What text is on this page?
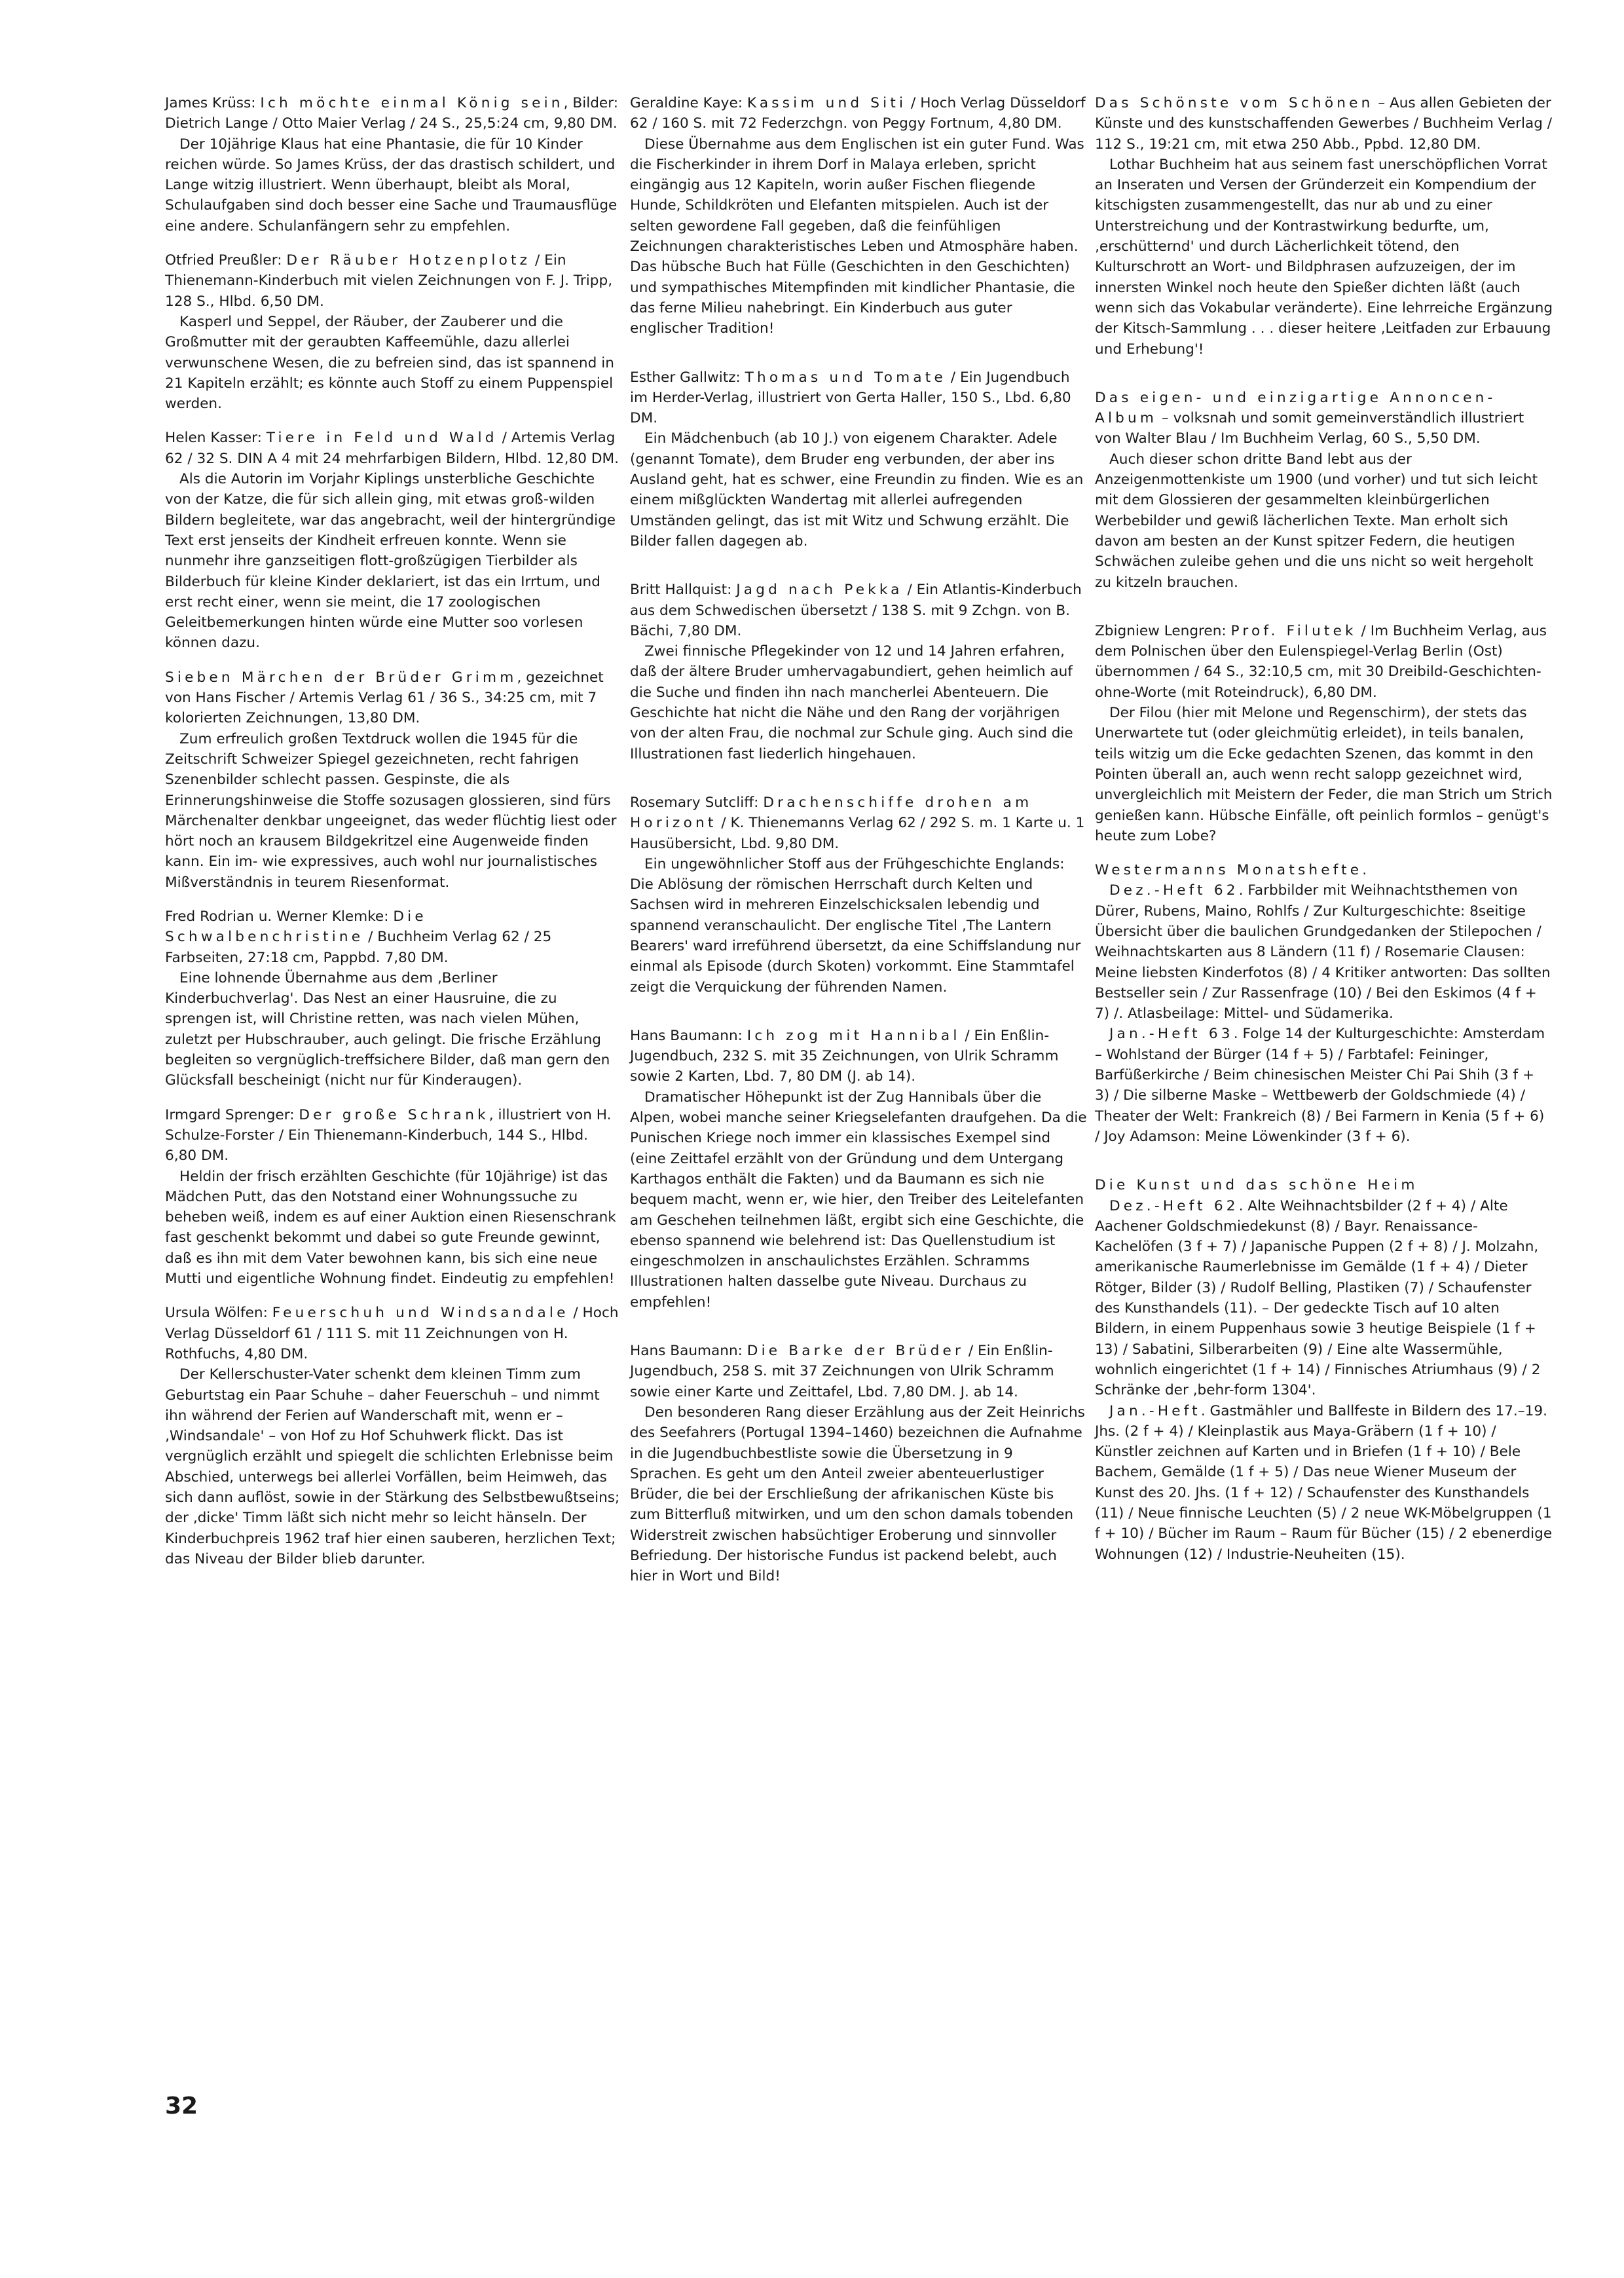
James Krüss: Ich möchte einmal König sein, Bilder: Dietrich Lange / Otto Maier Verlag / 24 S., 25,5:24 cm, 9,80 DM.

Der 10jährige Klaus hat eine Phantasie, die für 10 Kinder reichen würde. So James Krüss, der das drastisch schildert, und Lange witzig illustriert. Wenn überhaupt, bleibt als Moral, Schulaufgaben sind doch besser eine Sache und Traumausflüge eine andere. Schulanfängern sehr zu empfehlen.

Otfried Preußler: Der Räuber Hotzenplotz / Ein Thienemann-Kinderbuch mit vielen Zeichnungen von F. J. Tripp, 128 S., Hlbd. 6,50 DM.

Kasperl und Seppel, der Räuber, der Zauberer und die Großmutter mit der geraubten Kaffeemühle, dazu allerlei verwunschene Wesen, die zu befreien sind, das ist spannend in 21 Kapiteln erzählt; es könnte auch Stoff zu einem Puppenspiel werden.

Helen Kasser: Tiere in Feld und Wald / Artemis Verlag 62 / 32 S. DIN A 4 mit 24 mehrfarbigen Bildern, Hlbd. 12,80 DM.

Als die Autorin im Vorjahr Kiplings unsterbliche Geschichte von der Katze, die für sich allein ging, mit etwas groß-wilden Bildern begleitete, war das angebracht, weil der hintergründige Text erst jenseits der Kindheit erfreuen konnte. Wenn sie nunmehr ihre ganzseitigen flott-großzügigen Tierbilder als Bilderbuch für kleine Kinder deklariert, ist das ein Irrtum, und erst recht einer, wenn sie meint, die 17 zoologischen Geleitbemerkungen hinten würde eine Mutter soo vorlesen können dazu.

Sieben Märchen der Brüder Grimm, gezeichnet von Hans Fischer / Artemis Verlag 61 / 36 S., 34:25 cm, mit 7 kolorierten Zeichnungen, 13,80 DM.

Zum erfreulich großen Textdruck wollen die 1945 für die Zeitschrift Schweizer Spiegel gezeichneten, recht fahrigen Szenenbilder schlecht passen. Gespinste, die als Erinnerungshinweise die Stoffe sozusagen glossieren, sind fürs Märchenalter denkbar ungeeignet, das weder flüchtig liest oder hört noch an krausem Bildgekritzel eine Augenweide finden kann. Ein im- wie expressives, auch wohl nur journalistisches Mißverständnis in teurem Riesenformat.

Fred Rodrian u. Werner Klemke: Die Schwalbenchristine / Buchheim Verlag 62 / 25 Farbseiten, 27:18 cm, Pappbd. 7,80 DM.

Eine lohnende Übernahme aus dem ‚Berliner Kinderbuchverlag'. Das Nest an einer Hausruine, die zu sprengen ist, will Christine retten, was nach vielen Mühen, zuletzt per Hubschrauber, auch gelingt. Die frische Erzählung begleiten so vergnüglich-treffsichere Bilder, daß man gern den Glücksfall bescheinigt (nicht nur für Kinderaugen).

Irmgard Sprenger: Der große Schrank, illustriert von H. Schulze-Forster / Ein Thienemann-Kinderbuch, 144 S., Hlbd. 6,80 DM.

Heldin der frisch erzählten Geschichte (für 10jährige) ist das Mädchen Putt, das den Notstand einer Wohnungssuche zu beheben weiß, indem es auf einer Auktion einen Riesenschrank fast geschenkt bekommt und dabei so gute Freunde gewinnt, daß es ihn mit dem Vater bewohnen kann, bis sich eine neue Mutti und eigentliche Wohnung findet. Eindeutig zu empfehlen!

Ursula Wölfen: Feuerschuh und Windsandale / Hoch Verlag Düsseldorf 61 / 111 S. mit 11 Zeichnungen von H. Rothfuchs, 4,80 DM.

Der Kellerschuster-Vater schenkt dem kleinen Timm zum Geburtstag ein Paar Schuhe – daher Feuerschuh – und nimmt ihn während der Ferien auf Wanderschaft mit, wenn er – ‚Windsandale' – von Hof zu Hof Schuhwerk flickt. Das ist vergnüglich erzählt und spiegelt die schlichten Erlebnisse beim Abschied, unterwegs bei allerlei Vorfällen, beim Heimweh, das sich dann auflöst, sowie in der Stärkung des Selbstbewußtseins; der ‚dicke' Timm läßt sich nicht mehr so leicht hänseln. Der Kinderbuchpreis 1962 traf hier einen sauberen, herzlichen Text; das Niveau der Bilder blieb darunter.

Geraldine Kaye: Kassim und Siti / Hoch Verlag Düsseldorf 62 / 160 S. mit 72 Federzchgn. von Peggy Fortnum, 4,80 DM.

Diese Übernahme aus dem Englischen ist ein guter Fund. Was die Fischerkinder in ihrem Dorf in Malaya erleben, spricht eingängig aus 12 Kapiteln, worin außer Fischen fliegende Hunde, Schildkröten und Elefanten mitspielen. Auch ist der selten gewordene Fall gegeben, daß die feinfühligen Zeichnungen charakteristisches Leben und Atmosphäre haben. Das hübsche Buch hat Fülle (Geschichten in den Geschichten) und sympathisches Mitempfinden mit kindlicher Phantasie, die das ferne Milieu nahebringt. Ein Kinderbuch aus guter englischer Tradition!

Esther Gallwitz: Thomas und Tomate / Ein Jugendbuch im Herder-Verlag, illustriert von Gerta Haller, 150 S., Lbd. 6,80 DM.

Ein Mädchenbuch (ab 10 J.) von eigenem Charakter. Adele (genannt Tomate), dem Bruder eng verbunden, der aber ins Ausland geht, hat es schwer, eine Freundin zu finden. Wie es an einem mißglückten Wandertag mit allerlei aufregenden Umständen gelingt, das ist mit Witz und Schwung erzählt. Die Bilder fallen dagegen ab.

Britt Hallquist: Jagd nach Pekka / Ein Atlantis-Kinderbuch aus dem Schwedischen übersetzt / 138 S. mit 9 Zchgn. von B. Bächi, 7,80 DM.

Zwei finnische Pflegekinder von 12 und 14 Jahren erfahren, daß der ältere Bruder umhervagabundiert, gehen heimlich auf die Suche und finden ihn nach mancherlei Abenteuern. Die Geschichte hat nicht die Nähe und den Rang der vorjährigen von der alten Frau, die nochmal zur Schule ging. Auch sind die Illustrationen fast liederlich hingehauen.

Rosemary Sutcliff: Drachenschiffe drohen am Horizont / K. Thienemanns Verlag 62 / 292 S. m. 1 Karte u. 1 Hausübersicht, Lbd. 9,80 DM.

Ein ungewöhnlicher Stoff aus der Frühgeschichte Englands: Die Ablösung der römischen Herrschaft durch Kelten und Sachsen wird in mehreren Einzelschicksalen lebendig und spannend veranschaulicht. Der englische Titel ‚The Lantern Bearers' ward irreführend übersetzt, da eine Schiffslandung nur einmal als Episode (durch Skoten) vorkommt. Eine Stammtafel zeigt die Verquickung der führenden Namen.

Hans Baumann: Ich zog mit Hannibal / Ein Enßlin-Jugendbuch, 232 S. mit 35 Zeichnungen, von Ulrik Schramm sowie 2 Karten, Lbd. 7, 80 DM (J. ab 14).

Dramatischer Höhepunkt ist der Zug Hannibals über die Alpen, wobei manche seiner Kriegselefanten draufgehen. Da die Punischen Kriege noch immer ein klassisches Exempel sind (eine Zeittafel erzählt von der Gründung und dem Untergang Karthagos enthält die Fakten) und da Baumann es sich nie bequem macht, wenn er, wie hier, den Treiber des Leitelefanten am Geschehen teilnehmen läßt, ergibt sich eine Geschichte, die ebenso spannend wie belehrend ist: Das Quellenstudium ist eingeschmolzen in anschaulichstes Erzählen. Schramms Illustrationen halten dasselbe gute Niveau. Durchaus zu empfehlen!

Hans Baumann: Die Barke der Brüder / Ein Enßlin-Jugendbuch, 258 S. mit 37 Zeichnungen von Ulrik Schramm sowie einer Karte und Zeittafel, Lbd. 7,80 DM. J. ab 14.

Den besonderen Rang dieser Erzählung aus der Zeit Heinrichs des Seefahrers (Portugal 1394–1460) bezeichnen die Aufnahme in die Jugendbuchbestliste sowie die Übersetzung in 9 Sprachen. Es geht um den Anteil zweier abenteuerlustiger Brüder, die bei der Erschließung der afrikanischen Küste bis zum Bitterfluß mitwirken, und um den schon damals tobenden Widerstreit zwischen habsüchtiger Eroberung und sinnvoller Befriedung. Der historische Fundus ist packend belebt, auch hier in Wort und Bild!

Das Schönste vom Schönen – Aus allen Gebieten der Künste und des kunstschaffenden Gewerbes / Buchheim Verlag / 112 S., 19:21 cm, mit etwa 250 Abb., Ppbd. 12,80 DM.

Lothar Buchheim hat aus seinem fast unerschöpflichen Vorrat an Inseraten und Versen der Gründerzeit ein Kompendium der kitschigsten zusammengestellt, das nur ab und zu einer Unterstreichung und der Kontrastwirkung bedurfte, um, ‚erschütternd' und durch Lächerlichkeit tötend, den Kulturschrott an Wort- und Bildphrasen aufzuzeigen, der im innersten Winkel noch heute den Spießer dichten läßt (auch wenn sich das Vokabular veränderte). Eine lehrreiche Ergänzung der Kitsch-Sammlung . . . dieser heitere ‚Leitfaden zur Erbauung und Erhebung'!

Das eigen- und einzigartige Annoncen-Album – volksnah und somit gemeinverständlich illustriert von Walter Blau / Im Buchheim Verlag, 60 S., 5,50 DM.

Auch dieser schon dritte Band lebt aus der Anzeigenmottenkiste um 1900 (und vorher) und tut sich leicht mit dem Glossieren der gesammelten kleinbürgerlichen Werbebilder und gewiß lächerlichen Texte. Man erholt sich davon am besten an der Kunst spitzer Federn, die heutigen Schwächen zuleibe gehen und die uns nicht so weit hergeholt zu kitzeln brauchen.

Zbigniew Lengren: Prof. Filutek / Im Buchheim Verlag, aus dem Polnischen über den Eulenspiegel-Verlag Berlin (Ost) übernommen / 64 S., 32:10,5 cm, mit 30 Dreibild-Geschichten-ohne-Worte (mit Roteindruck), 6,80 DM.

Der Filou (hier mit Melone und Regenschirm), der stets das Unerwartete tut (oder gleichmütig erleidet), in teils banalen, teils witzig um die Ecke gedachten Szenen, das kommt in den Pointen überall an, auch wenn recht salopp gezeichnet wird, unvergleichlich mit Meistern der Feder, die man Strich um Strich genießen kann. Hübsche Einfälle, oft peinlich formlos – genügt's heute zum Lobe?

Westermanns Monatshefte.

Dez.-Heft 62. Farbbilder mit Weihnachtsthemen von Dürer, Rubens, Maino, Rohlfs / Zur Kulturgeschichte: 8seitige Übersicht über die baulichen Grundgedanken der Stilepochen / Weihnachtskarten aus 8 Ländern (11 f) / Rosemarie Clausen: Meine liebsten Kinderfotos (8) / 4 Kritiker antworten: Das sollten Bestseller sein / Zur Rassenfrage (10) / Bei den Eskimos (4 f + 7) /. Atlasbeilage: Mittel- und Südamerika.

Jan.-Heft 63. Folge 14 der Kulturgeschichte: Amsterdam – Wohlstand der Bürger (14 f + 5) / Farbtafel: Feininger, Barfüßerkirche / Beim chinesischen Meister Chi Pai Shih (3 f + 3) / Die silberne Maske – Wettbewerb der Goldschmiede (4) / Theater der Welt: Frankreich (8) / Bei Farmern in Kenia (5 f + 6) / Joy Adamson: Meine Löwenkinder (3 f + 6).

Die Kunst und das schöne Heim

Dez.-Heft 62. Alte Weihnachtsbilder (2 f + 4) / Alte Aachener Goldschmiedekunst (8) / Bayr. Renaissance-Kachelöfen (3 f + 7) / Japanische Puppen (2 f + 8) / J. Molzahn, amerikanische Raumerlebnisse im Gemälde (1 f + 4) / Dieter Rötger, Bilder (3) / Rudolf Belling, Plastiken (7) / Schaufenster des Kunsthandels (11). – Der gedeckte Tisch auf 10 alten Bildern, in einem Puppenhaus sowie 3 heutige Beispiele (1 f + 13) / Sabatini, Silberarbeiten (9) / Eine alte Wassermühle, wohnlich eingerichtet (1 f + 14) / Finnisches Atriumhaus (9) / 2 Schränke der ‚behr-form 1304'.

Jan.-Heft. Gastmähler und Ballfeste in Bildern des 17.–19. Jhs. (2 f + 4) / Kleinplastik aus Maya-Gräbern (1 f + 10) / Künstler zeichnen auf Karten und in Briefen (1 f + 10) / Bele Bachem, Gemälde (1 f + 5) / Das neue Wiener Museum der Kunst des 20. Jhs. (1 f + 12) / Schaufenster des Kunsthandels (11) / Neue finnische Leuchten (5) / 2 neue WK-Möbelgruppen (1 f + 10) / Bücher im Raum – Raum für Bücher (15) / 2 ebenerdige Wohnungen (12) / Industrie-Neuheiten (15).

32
